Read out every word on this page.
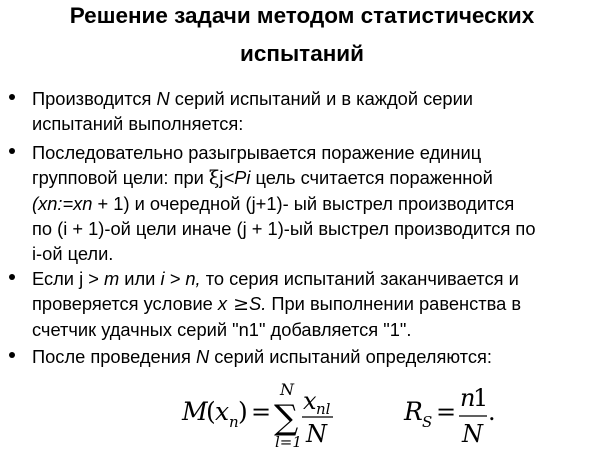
Решение задачи методом статистических
испытаний
Производится N серий испытаний и в каждой серии
испытаний выполняется:
Последовательно разыгрывается поражение единиц
групповой цели: при ξj<Pi цель считается пораженной
(xn:=xn + 1) и очередной (j+1)- ый выстрел производится
по (i + 1)-ой цели иначе (j + 1)-ый выстрел производится по
i-ой цели.
Если j > m или i > n, то серия испытаний заканчивается и
проверяется условие x ≥S. При выполнении равенства в
счетчик удачных серий "n1" добавляется "1".
После проведения N серий испытаний определяются:
M
( x n ) =
N
∑
l=1
x nl
N
R S = n
1
N
.
